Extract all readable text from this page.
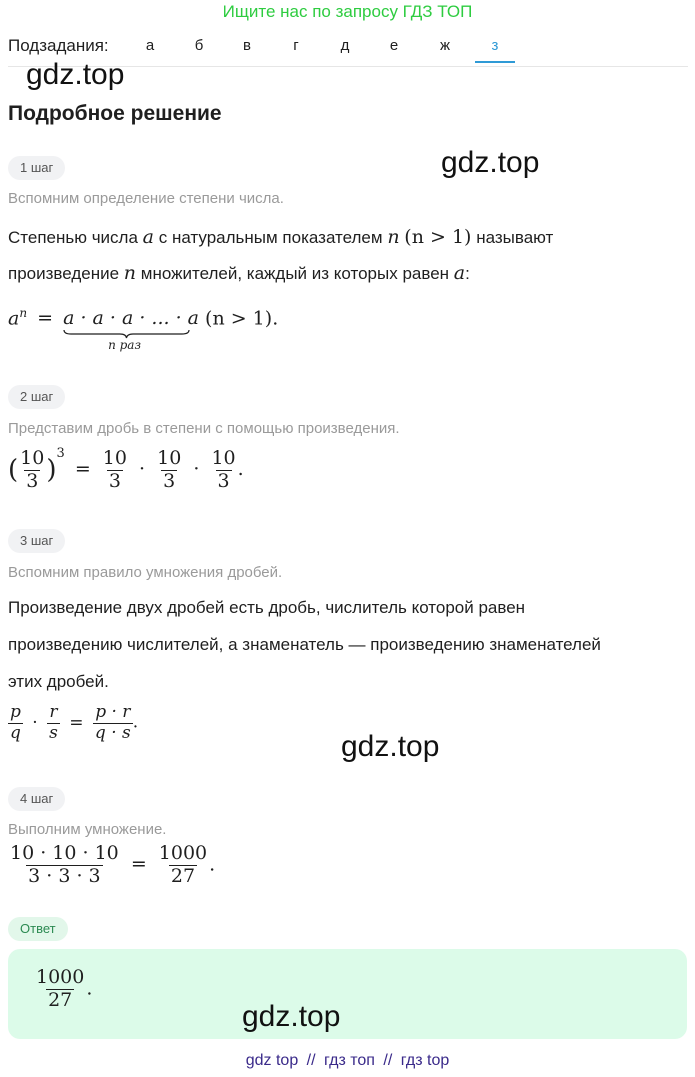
Ищите нас по запросу ГДЗ ТОП
Подзадания:	а	б	в	г	д	е	ж	з
gdz.top
gdz.top
gdz.top
Подробное решение
1 шаг
Вспомним определение степени числа.
Степенью числа a с натуральным показателем n (n > 1) называют
произведение n множителей, каждый из которых равен a:
$a^n = a \cdot a \cdot a$ · ... · a
n раз
(n > 1).
2 шаг
Представим дробь в степени с помощью произведения.
( $\frac{10}{3} )^3 = \frac{10}{3} \cdot \frac{10}{3} \cdot \frac{10}{3}$ .
3 шаг
Вспомним правило умножения дробей.
Произведение двух дробей есть дробь, числитель которой равен
произведению числителей, а знаменатель — произведению знаменателей
этих дробей.
$\frac{p}{q} \cdot \frac{r}{s} = \frac{p \cdot r}{q \cdot s}$ .
4 шаг
Выполним умножение.
$\frac{10 \cdot 10 \cdot 10}{3 \cdot 3 \cdot 3} = \frac{1000}{27}$ .
Ответ
$\frac{1000}{27}$ .
gdz.top
gdz top // гдз топ // гдз top
